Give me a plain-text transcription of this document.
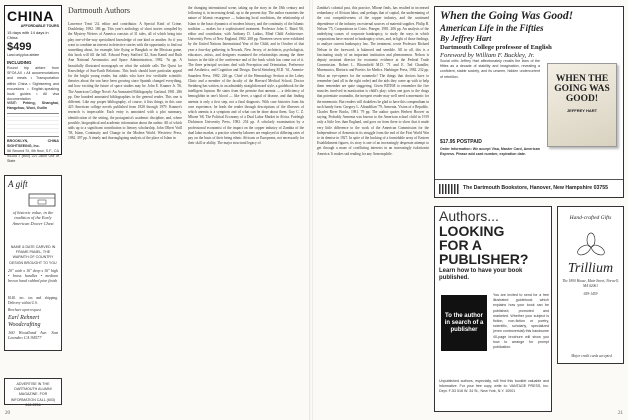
CHINA
AFFORDABLE TOURS
15 days with 14 days in China
$499
Land only,plus airfare
INCLUDING
Round trip airfare from SFO/LAX • All accommodations and meals • Transportation within China • Sightseeing and excursions • English-speaking local guides • All visa documentation
VISIT: Peking, Shanghai, Hangzhou, Wuxi, Guilin
BROOKLYN, CHINA SIGHTSEEING, Inc.
56 Second St, 4th floor, S.F., CA 94105 • (800) 227-3809 Out of State
A gift
of historic value, in the tradition of the Early American Dower Chest
NAME & DATE CARVED IN FRAME PANEL, THE WARMTH OF COUNTRY DESIGN BROUGHT TO YOU
20" wide x 16" deep x 16" high • brass handles • medium brown hand rubbed pine finish
$140. inc. tax and shipping. Delivery within U.S.
Brochure upon request
Earl Rehnert Woodcrafting
160 Woodland Ave. San Leandro CA 94577
ADVERTISE IN THE DARTMOUTH ALUMNI MAGAZINE. FOR INFORMATION CALL (603) 646-2256
Dartmouth Authors
Lawrence Treat '24, editor and contributor. A Special Kind of Crime. Doubleday, 1982. 186 pp. This year's anthology of short stories compiled by the Mystery Writers of America consists of 31 tales, all of which bring into play one-of-the-way specialized knowledge of one kind or another. So if you want to combine an interest in detective stories with the opportunity to find out something about, for example, kite flying or Bangkok or the Mexican game, this book will fill the bill. Edward Peary Stafford '42, Sam Kamil and Ruth Ann National Aeronautics and Space Administration, 1982. 'At pp. A beautifully illustrated monograph on what the subtitle calls The Quest for Knowledge of Sun-Earth Relations. This book should have particular appeal for the bright young reader, but adults who have few verifiable scientific theories about the sun have been growing since Sputnik changed everything, and how exciting the future of space studies may be. John E. Kramer Jr. '56, The American College Novel: An Annotated Bibliography. Garland, 1981. 286 pp. One hundred annotated bibliographies in the general reader. This one is different. Like any proper bibliography, of course, it lists things, in this case 425 American college novels published from 1828 through 1979. Kramer's research is impeccable. Each entry is annotated with a plot summary, identification of the setting, the protagonist's academic discipline, and, where possible, biographical and academic information about the author. All of which adds up to a significant contribution to literary scholarship. John Olbert Voill '58, Islam, Continuity and Change in the Modern World. Westview Press, 1982. 397 pp. A timely and thoroughgoing analysis of the place of Islam in
the changing international scene, taking up the story in the 18th century and following it, in increasing detail, up to the present day. The author examines the nature of Islamic resurgence — balancing local conditions, the relationship of Islam to the basic dynamics of modern history, and the continuity of the Islamic tradition — makes for a sophisticated treatment. Professor John C. Baird '60, editor and contributor, with Anthony D. Lutkus, Mind Child Architecture. University Press of New England, 1982. 208 pp. Nineteen seven were exhibited by the United Nations International Year of the Child, and in October of that year a four-day gathering in Newark, New Jersey, of architects, psychologists, educators, artists, and designers examined the relationships among the three factors in the title of the conference and of the book which has come out of it. The three principal sections deal with Perception and Orientation, Preference and Aesthetics, and Cognition and Design. David Steinberg M.D. '61, Anemia-Saunders Press, 1982. 226 pp. Chief of the Hematology Section at the Lahey Clinic and a member of the faculty of the Harvard Medical School, Doctor Steinberg has written, in an admirably straightforward style, a guidebook for the intelligent layman. He starts from the premise that anemia — a deficiency of hemoglobin in one's blood — like fever, a signal of disease, and that finding anemia is only a first step, not a final diagnosis. With case histories from his own experience, he leads the reader through descriptions of the illnesses of which anemia is a symptom and of what can be done about them. Guy C. Z. Mhone '68, The Political Economy of a Dual Labor Market in Africa. Fairleigh Dickinson University Press, 1982. 254 pp. A scholarly examination by a professional economist of the impact on the copper industry of Zambia of the dual labor market, a practice whereby laborers are employed at differing rates of pay on the basis of their being ethnic Africans or Europeans, not necessarily for their skill or ability. The major structural legacy of
20
Zambia's colonial past, this practice, Mhone finds, has resulted in increased redundancy of African labor, and perhaps that of capital, the undermining of the cost competitiveness of the copper industry, and the continued dependence of the industry on external sources of material supplies. Philip B. Nelson '75, Corporations in Crisis. Praeger, 1981. 206 pp. An analysis of the underlying causes of corporate bankruptcy, to study the ways in which corporations have reacted to bankruptcy crises, and, in light of those findings, to analyze current bankruptcy law. The treatment, wrote Professor Richard Nelson in the foreword, is balanced and sensible. All in all, this is a fascinating study of an important institution and phenomenon. Nelson is deputy assistant director for economic evidence at the Federal Trade Commission. Robert L. Bloomfield M.D. '71 and E. Ted Chandler, Mnemonics, Rhetoric and Poetics for Medics. Harbinger Press, 1982. 232 pp. What an eye-opener for the nonmedic! The things that doctors have to remember (and all in the right order) and the aids they come up with to help them remember are quite staggering. Given BITEM to remember the five muscles involved in mastication is child's play; when one goes to the drugs that potentiate coumadin, the inexpert reader may well need a mnemonic for the mnemonic. But readers will doubtless be glad to have this compendium in such handy form. Gregory L. Aftandilian '79, Armenia, Vision of a Republic. Charles River Books, 1981. 79 pp. The author quotes Herbert Hoover as saying, Probably Armenia was known to the American school child in 1919 only a little less than England, and goes on from there to show that it made very little difference to the work of the American Commission for the Independence of Armenia in its struggle from the end of the First World War to its demise in 1927. In spite of the backing of a formidable array of Eastern Establishment figures, its story is one of an increasingly desperate attempt to get through a maze of conflicting interests in an increasingly isolationist America. It makes sad reading for any Armenophile.
When the Going Was Good!
American Life in the Fifties
By Jeffrey Hart
Dartmouth College professor of English
Foreword by William F. Buckley, Jr.
Social critic Jeffrey Hart affectionately recalls the lives of the fifties as a decade of stability and imagination, revealing a confident, stable society, and its unseen, hidden undercurrent of rebellion.	WHEN THE GOING WAS GOOD!
JEFFREY HART
$17.95 POSTPAID
Order Information: We accept Visa, Master Card, American Express. Please add card number, expiration date.
The Dartmouth Bookstore, Hanover, New Hampshire 03755
Authors...
LOOKING
FOR A
PUBLISHER?
Learn how to have your book published.
You are invited to send for a free illustrated guidebook which explains how your book can be published, promoted and marketed. Whether your subject is fiction, non-fiction or poetry, scientific, scholarly, specialized (even controversial) this handsome 40-page brochure will show you how to arrange for prompt publication.
To the author in search of a publisher
Unpublished authors, especially, will find this booklet valuable and informative. For your free copy, write to: VANTAGE PRESS, Inc. Dept. F-53 516 W. 34 St., New York, N.Y. 10001
Hand-crafted Gifts
Trillium
The 1800 House, Main Street, Norwell, MA 02061
659-1459
Major credit cards accepted
21
